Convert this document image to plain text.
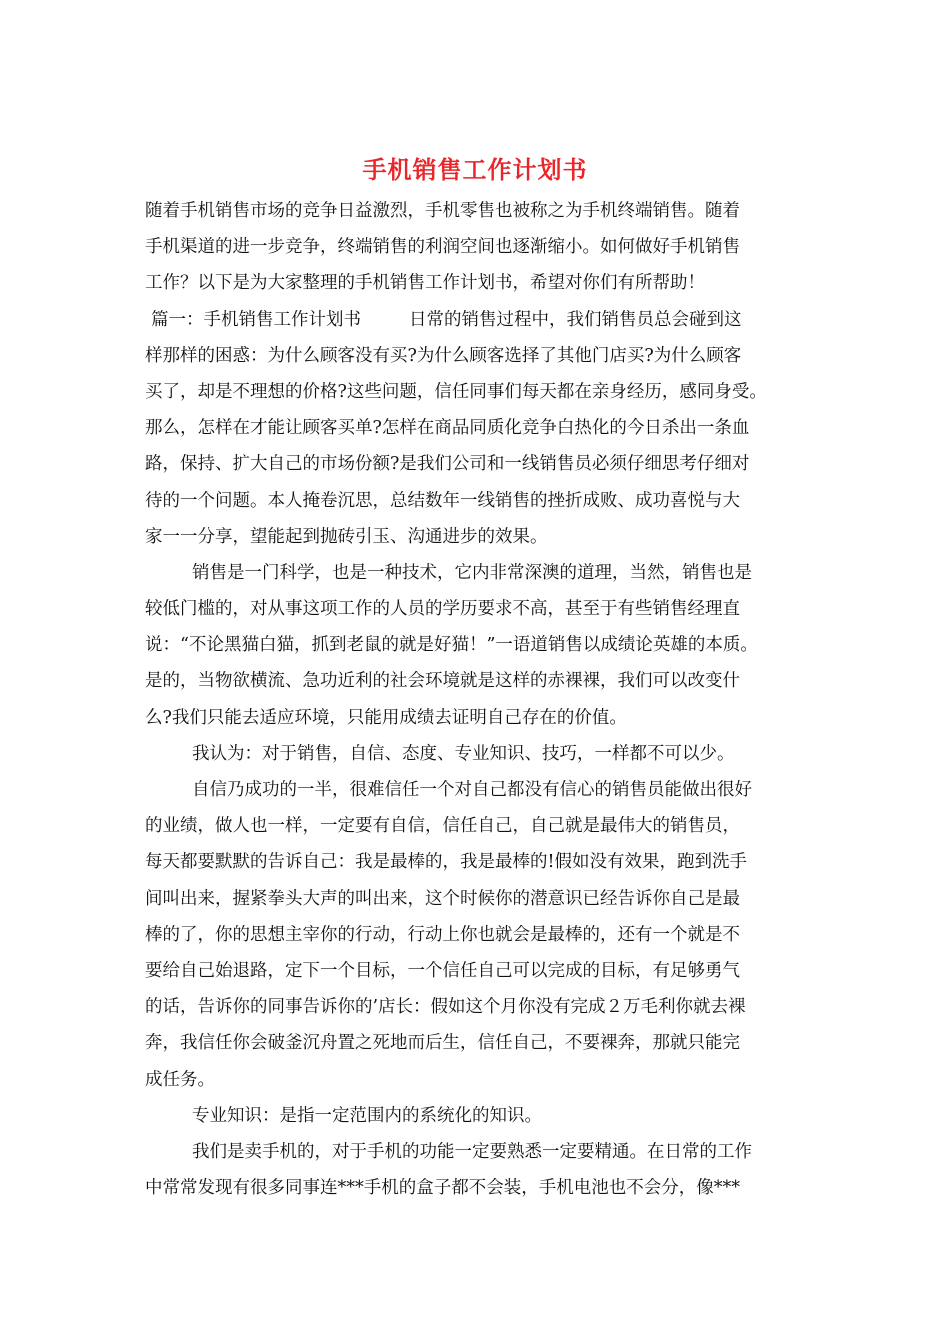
手机销售工作计划书
随着手机销售市场的竞争日益激烈，手机零售也被称之为手机终端销售。随着
手机渠道的进一步竞争，终端销售的利润空间也逐渐缩小。如何做好手机销售
工作？以下是为大家整理的手机销售工作计划书，希望对你们有所帮助！
篇一：手机销售工作计划书	日常的销售过程中，我们销售员总会碰到这
样那样的困惑：为什么顾客没有买?为什么顾客选择了其他门店买?为什么顾客
买了，却是不理想的价格?这些问题，信任同事们每天都在亲身经历，感同身受。
那么，怎样在才能让顾客买单?怎样在商品同质化竞争白热化的今日杀出一条血
路，保持、扩大自己的市场份额?是我们公司和一线销售员必须仔细思考仔细对
待的一个问题。本人掩卷沉思，总结数年一线销售的挫折成败、成功喜悦与大
家一一分享，望能起到抛砖引玉、沟通进步的效果。
销售是一门科学，也是一种技术，它内非常深澳的道理，当然，销售也是
较低门槛的，对从事这项工作的人员的学历要求不高，甚至于有些销售经理直
说：“不论黑猫白猫，抓到老鼠的就是好猫！”一语道销售以成绩论英雄的本质。
是的，当物欲横流、急功近利的社会环境就是这样的赤裸裸，我们可以改变什
么?我们只能去适应环境，只能用成绩去证明自己存在的价值。
我认为：对于销售，自信、态度、专业知识、技巧，一样都不可以少。
自信乃成功的一半，很难信任一个对自己都没有信心的销售员能做出很好
的业绩，做人也一样，一定要有自信，信任自己，自己就是最伟大的销售员，
每天都要默默的告诉自己：我是最棒的，我是最棒的!假如没有效果，跑到洗手
间叫出来，握紧拳头大声的叫出来，这个时候你的潜意识已经告诉你自己是最
棒的了，你的思想主宰你的行动，行动上你也就会是最棒的，还有一个就是不
要给自己始退路，定下一个目标，一个信任自己可以完成的目标，有足够勇气
的话，告诉你的同事告诉你的’店长：假如这个月你没有完成２万毛利你就去裸
奔，我信任你会破釜沉舟置之死地而后生，信任自己，不要裸奔，那就只能完
成任务。
专业知识：是指一定范围内的系统化的知识。
我们是卖手机的，对于手机的功能一定要熟悉一定要精通。在日常的工作
中常常发现有很多同事连***手机的盒子都不会装，手机电池也不会分，像***
